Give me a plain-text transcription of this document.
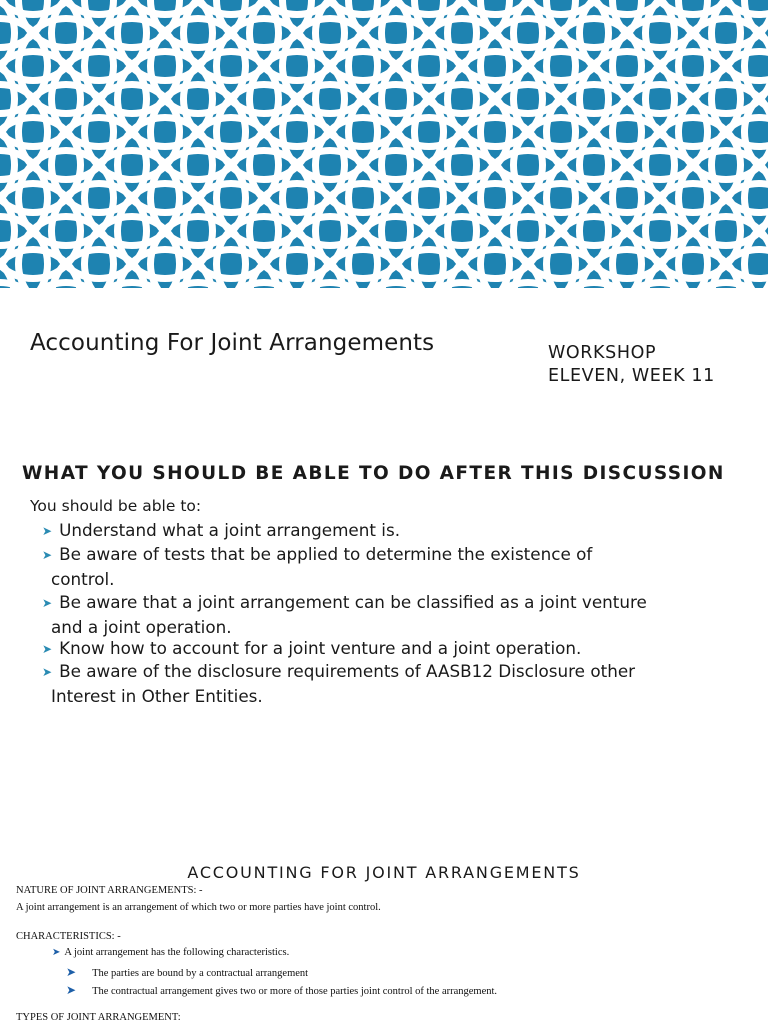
Accounting For Joint Arrangements	WORKSHOP
ELEVEN, WEEK 11
WHAT YOU SHOULD BE ABLE TO DO AFTER THIS DISCUSSION
You should be able to:
➤ Understand what a joint arrangement is.
➤ Be aware of tests that be applied to determine the existence of
control.
➤ Be aware that a joint arrangement can be classified as a joint venture
and a joint operation.
➤ Know how to account for a joint venture and a joint operation.
➤ Be aware of the disclosure requirements of AASB12 Disclosure other
Interest in Other Entities.
ACCOUNTING FOR JOINT ARRANGEMENTS
NATURE OF JOINT ARRANGEMENTS: -
A joint arrangement is an arrangement of which two or more parties have joint control.
CHARACTERISTICS: -
➤ A joint arrangement has the following characteristics.
➤ The parties are bound by a contractual arrangement
➤ The contractual arrangement gives two or more of those parties joint control of the arrangement.
TYPES OF JOINT ARRANGEMENT:
